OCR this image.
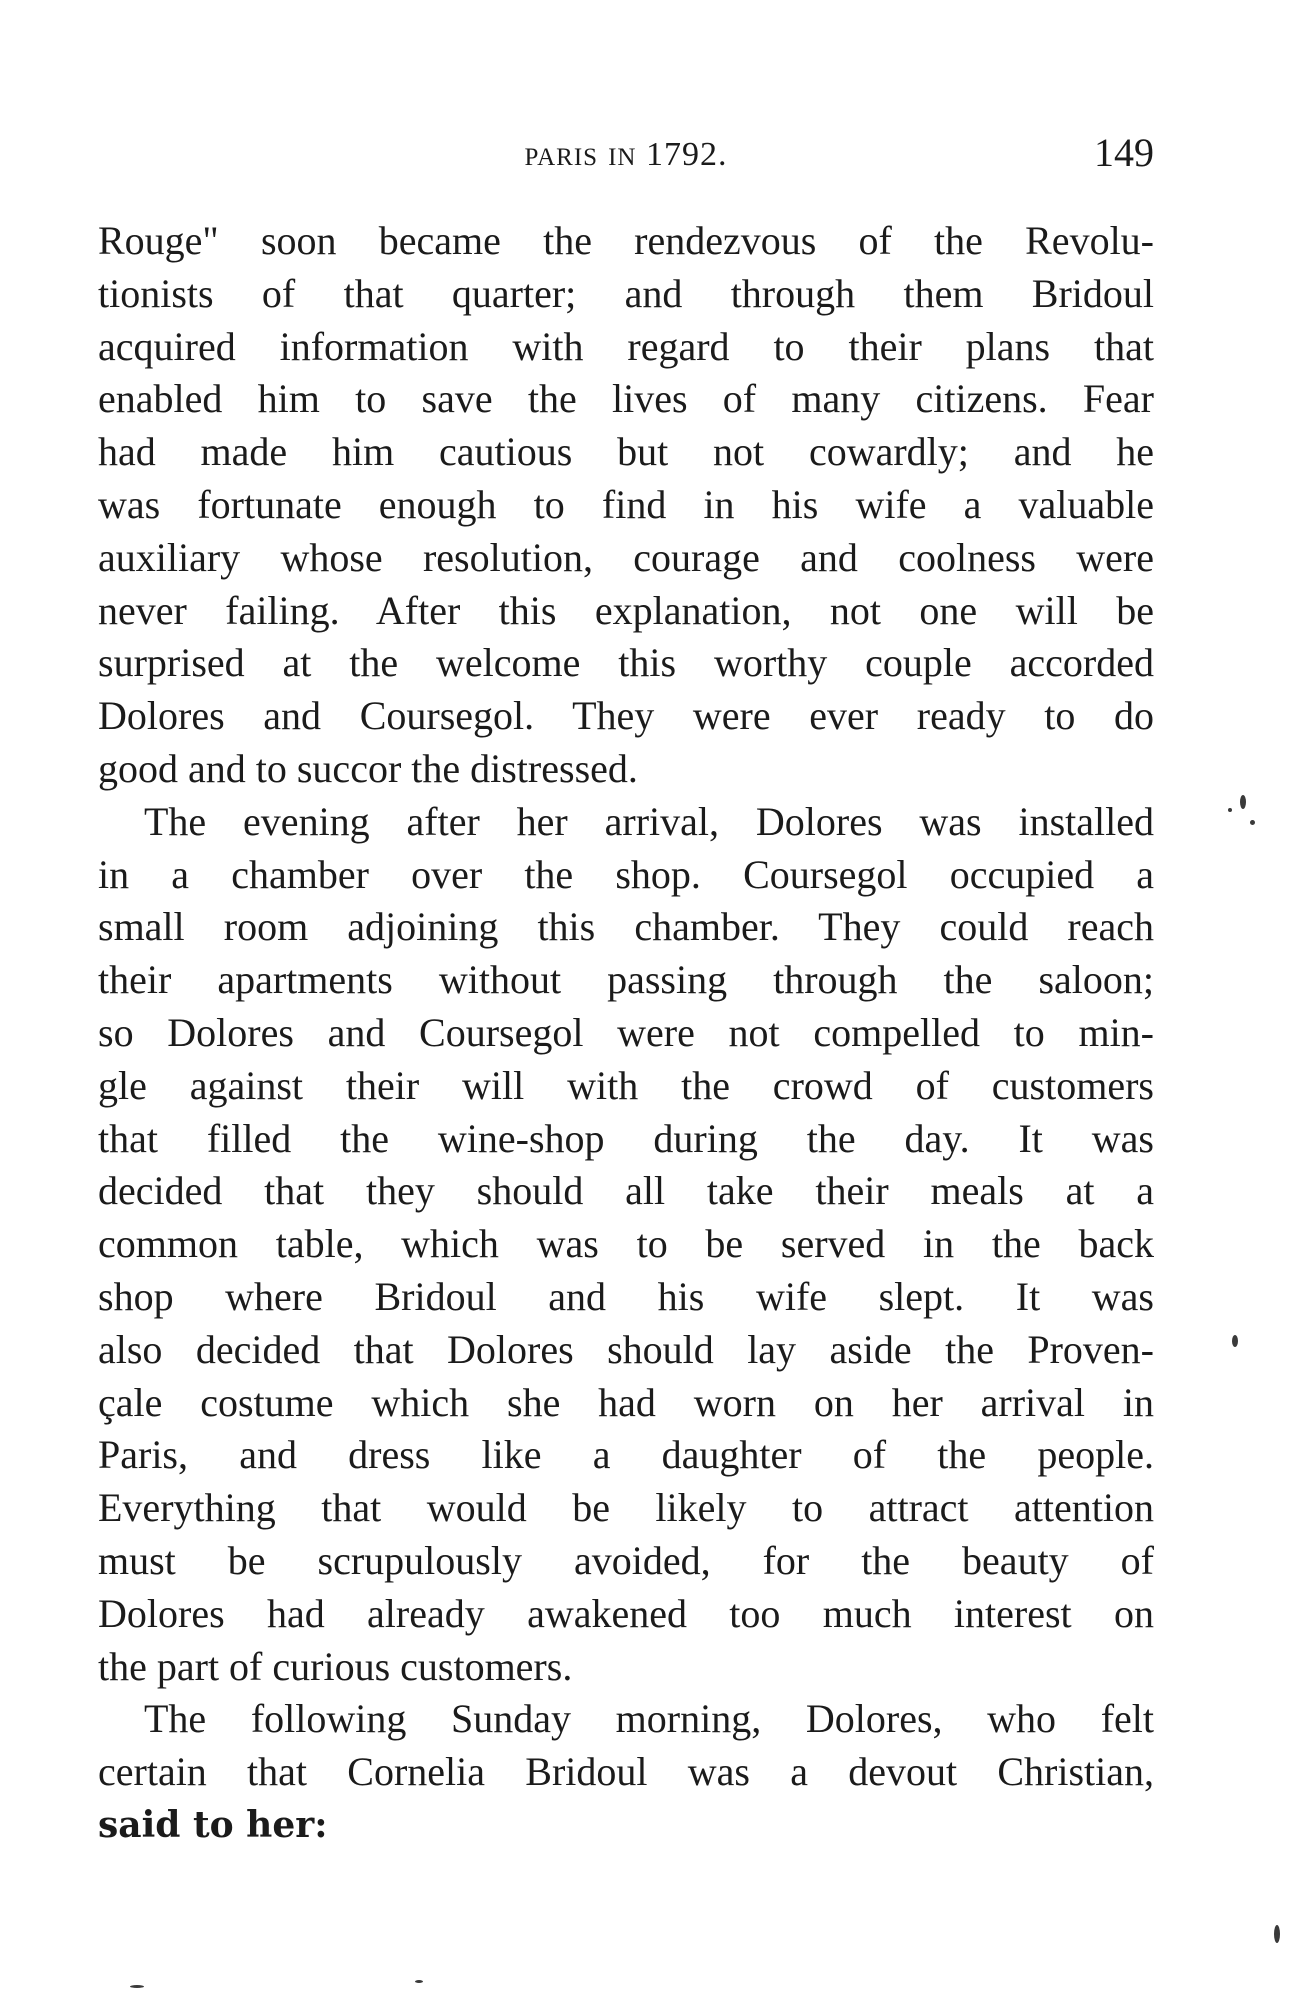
paris in 1792.	149
Rouge" soon became the rendezvous of the Revolu-
tionists of that quarter; and through them Bridoul
acquired information with regard to their plans that
enabled him to save the lives of many citizens. Fear
had made him cautious but not cowardly; and he
was fortunate enough to find in his wife a valuable
auxiliary whose resolution, courage and coolness were
never failing. After this explanation, not one will be
surprised at the welcome this worthy couple accorded
Dolores and Coursegol. They were ever ready to do
good and to succor the distressed.
The evening after her arrival, Dolores was installed
in a chamber over the shop. Coursegol occupied a
small room adjoining this chamber. They could reach
their apartments without passing through the saloon;
so Dolores and Coursegol were not compelled to min-
gle against their will with the crowd of customers
that filled the wine-shop during the day. It was
decided that they should all take their meals at a
common table, which was to be served in the back
shop where Bridoul and his wife slept. It was
also decided that Dolores should lay aside the Proven-
çale costume which she had worn on her arrival in
Paris, and dress like a daughter of the people.
Everything that would be likely to attract attention
must be scrupulously avoided, for the beauty of
Dolores had already awakened too much interest on
the part of curious customers.
The following Sunday morning, Dolores, who felt
certain that Cornelia Bridoul was a devout Christian,
said to her:
